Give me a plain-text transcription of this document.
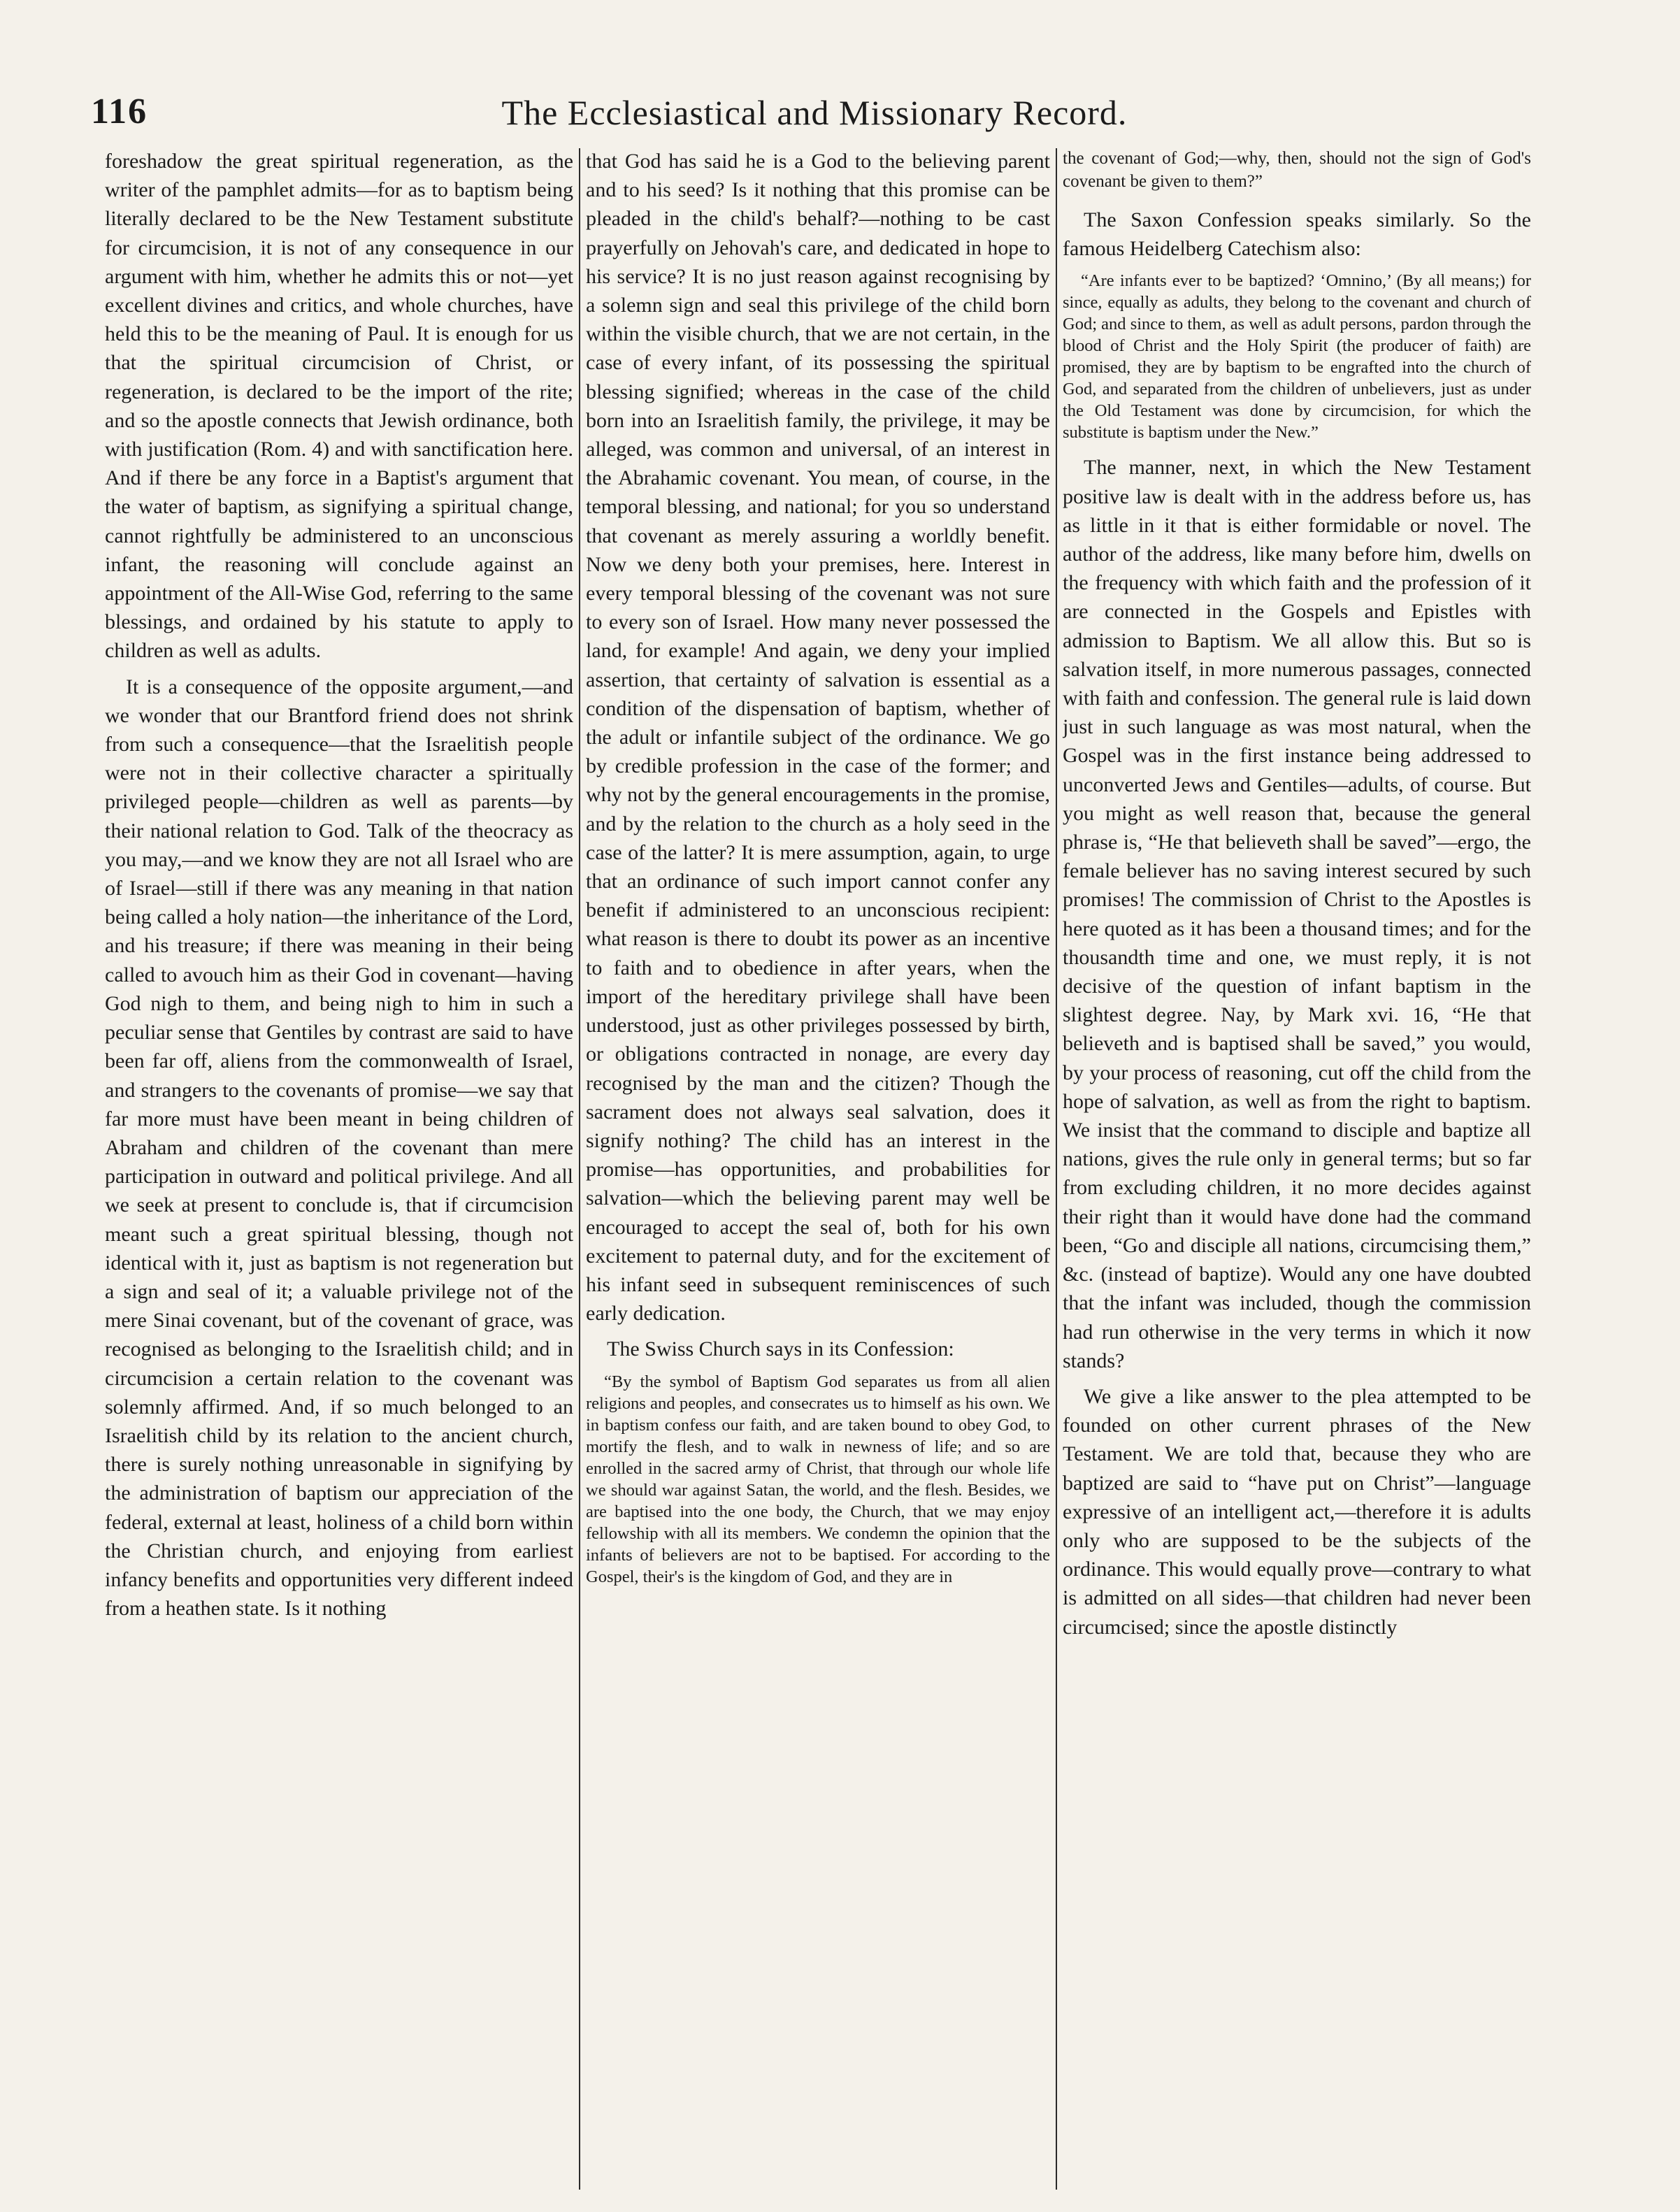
116	The Ecclesiastical and Missionary Record.

foreshadow the great spiritual regeneration, as the writer of the pamphlet admits—for as to baptism being literally declared to be the New Testament substitute for circumcision, it is not of any consequence in our argument with him, whether he admits this or not—yet excellent divines and critics, and whole churches, have held this to be the meaning of Paul. It is enough for us that the spiritual circumcision of Christ, or regeneration, is declared to be the import of the rite; and so the apostle connects that Jewish ordinance, both with justification (Rom. 4) and with sanctification here. And if there be any force in a Baptist's argument that the water of baptism, as signifying a spiritual change, cannot rightfully be administered to an unconscious infant, the reasoning will conclude against an appointment of the All-Wise God, referring to the same blessings, and ordained by his statute to apply to children as well as adults.

It is a consequence of the opposite argument,—and we wonder that our Brantford friend does not shrink from such a consequence—that the Israelitish people were not in their collective character a spiritually privileged people—children as well as parents—by their national relation to God. Talk of the theocracy as you may,—and we know they are not all Israel who are of Israel—still if there was any meaning in that nation being called a holy nation—the inheritance of the Lord, and his treasure; if there was meaning in their being called to avouch him as their God in covenant—having God nigh to them, and being nigh to him in such a peculiar sense that Gentiles by contrast are said to have been far off, aliens from the commonwealth of Israel, and strangers to the covenants of promise—we say that far more must have been meant in being children of Abraham and children of the covenant than mere participation in outward and political privilege. And all we seek at present to conclude is, that if circumcision meant such a great spiritual blessing, though not identical with it, just as baptism is not regeneration but a sign and seal of it; a valuable privilege not of the mere Sinai covenant, but of the covenant of grace, was recognised as belonging to the Israelitish child; and in circumcision a certain relation to the covenant was solemnly affirmed. And, if so much belonged to an Israelitish child by its relation to the ancient church, there is surely nothing unreasonable in signifying by the administration of baptism our appreciation of the federal, external at least, holiness of a child born within the Christian church, and enjoying from earliest infancy benefits and opportunities very different indeed from a heathen state. Is it nothing

that God has said he is a God to the believing parent and to his seed? Is it nothing that this promise can be pleaded in the child's behalf?—nothing to be cast prayerfully on Jehovah's care, and dedicated in hope to his service? It is no just reason against recognising by a solemn sign and seal this privilege of the child born within the visible church, that we are not certain, in the case of every infant, of its possessing the spiritual blessing signified; whereas in the case of the child born into an Israelitish family, the privilege, it may be alleged, was common and universal, of an interest in the Abrahamic covenant. You mean, of course, in the temporal blessing, and national; for you so understand that covenant as merely assuring a worldly benefit. Now we deny both your premises, here. Interest in every temporal blessing of the covenant was not sure to every son of Israel. How many never possessed the land, for example! And again, we deny your implied assertion, that certainty of salvation is essential as a condition of the dispensation of baptism, whether of the adult or infantile subject of the ordinance. We go by credible profession in the case of the former; and why not by the general encouragements in the promise, and by the relation to the church as a holy seed in the case of the latter? It is mere assumption, again, to urge that an ordinance of such import cannot confer any benefit if administered to an unconscious recipient: what reason is there to doubt its power as an incentive to faith and to obedience in after years, when the import of the hereditary privilege shall have been understood, just as other privileges possessed by birth, or obligations contracted in nonage, are every day recognised by the man and the citizen? Though the sacrament does not always seal salvation, does it signify nothing? The child has an interest in the promise—has opportunities, and probabilities for salvation—which the believing parent may well be encouraged to accept the seal of, both for his own excitement to paternal duty, and for the excitement of his infant seed in subsequent reminiscences of such early dedication.

The Swiss Church says in its Confession:

“By the symbol of Baptism God separates us from all alien religions and peoples, and consecrates us to himself as his own. We in baptism confess our faith, and are taken bound to obey God, to mortify the flesh, and to walk in newness of life; and so are enrolled in the sacred army of Christ, that through our whole life we should war against Satan, the world, and the flesh. Besides, we are baptised into the one body, the Church, that we may enjoy fellowship with all its members. We condemn the opinion that the infants of believers are not to be baptised. For according to the Gospel, their's is the kingdom of God, and they are in

the covenant of God;—why, then, should not the sign of God's covenant be given to them?”

The Saxon Confession speaks similarly. So the famous Heidelberg Catechism also:

“Are infants ever to be baptized? ‘Omnino,’ (By all means;) for since, equally as adults, they belong to the covenant and church of God; and since to them, as well as adult persons, pardon through the blood of Christ and the Holy Spirit (the producer of faith) are promised, they are by baptism to be engrafted into the church of God, and separated from the children of unbelievers, just as under the Old Testament was done by circumcision, for which the substitute is baptism under the New.”

The manner, next, in which the New Testament positive law is dealt with in the address before us, has as little in it that is either formidable or novel. The author of the address, like many before him, dwells on the frequency with which faith and the profession of it are connected in the Gospels and Epistles with admission to Baptism. We all allow this. But so is salvation itself, in more numerous passages, connected with faith and confession. The general rule is laid down just in such language as was most natural, when the Gospel was in the first instance being addressed to unconverted Jews and Gentiles—adults, of course. But you might as well reason that, because the general phrase is, “He that believeth shall be saved”—ergo, the female believer has no saving interest secured by such promises! The commission of Christ to the Apostles is here quoted as it has been a thousand times; and for the thousandth time and one, we must reply, it is not decisive of the question of infant baptism in the slightest degree. Nay, by Mark xvi. 16, “He that believeth and is baptised shall be saved,” you would, by your process of reasoning, cut off the child from the hope of salvation, as well as from the right to baptism. We insist that the command to disciple and baptize all nations, gives the rule only in general terms; but so far from excluding children, it no more decides against their right than it would have done had the command been, “Go and disciple all nations, circumcising them,” &c. (instead of baptize). Would any one have doubted that the infant was included, though the commission had run otherwise in the very terms in which it now stands?

We give a like answer to the plea attempted to be founded on other current phrases of the New Testament. We are told that, because they who are baptized are said to “have put on Christ”—language expressive of an intelligent act,—therefore it is adults only who are supposed to be the subjects of the ordinance. This would equally prove—contrary to what is admitted on all sides—that children had never been circumcised; since the apostle distinctly
